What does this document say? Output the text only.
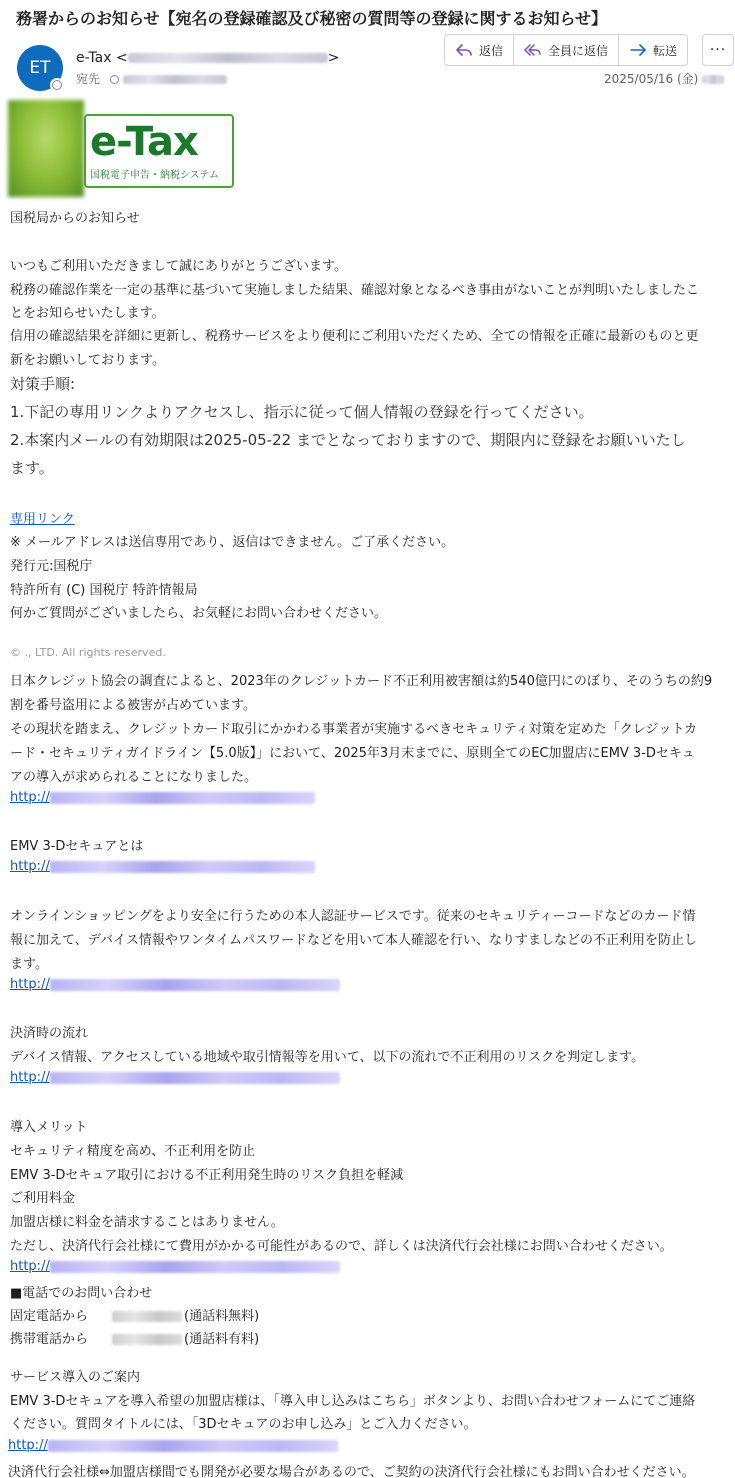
務署からのお知らせ【宛名の登録確認及び秘密の質問等の登録に関するお知らせ】
ET e-Tax <	>
宛先
返信	全員に返信	転送	···
2025/05/16 (金)
e-Tax
国税電子申告・納税システム
国税局からのお知らせ
いつもご利用いただきまして誠にありがとうございます。
税務の確認作業を一定の基準に基づいて実施しました結果、確認対象となるべき事由がないことが判明いたしましたこ
とをお知らせいたします。
信用の確認結果を詳細に更新し、税務サービスをより便利にご利用いただくため、全ての情報を正確に最新のものと更
新をお願いしております。
対策手順:
1.下記の専用リンクよりアクセスし、指示に従って個人情報の登録を行ってください。
2.本案内メールの有効期限は2025-05-22 までとなっておりますので、期限内に登録をお願いいたし
ます。
専用リンク
※ メールアドレスは送信専用であり、返信はできません。ご了承ください。
発行元:国税庁
特許所有 (C) 国税庁 特許情報局
何かご質問がございましたら、お気軽にお問い合わせください。
© ., LTD. All rights reserved.
日本クレジット協会の調査によると、2023年のクレジットカード不正利用被害額は約540億円にのぼり、そのうちの約9
割を番号盗用による被害が占めています。
その現状を踏まえ、クレジットカード取引にかかわる事業者が実施するべきセキュリティ対策を定めた「クレジットカ
ード・セキュリティガイドライン【5.0版】」において、2025年3月末までに、原則全てのEC加盟店にEMV 3-Dセキュ
アの導入が求められることになりました。
http://
EMV 3-Dセキュアとは
http://
オンラインショッピングをより安全に行うための本人認証サービスです。従来のセキュリティーコードなどのカード情
報に加えて、デバイス情報やワンタイムパスワードなどを用いて本人確認を行い、なりすましなどの不正利用を防止し
ます。
http://
決済時の流れ
デバイス情報、アクセスしている地域や取引情報等を用いて、以下の流れで不正利用のリスクを判定します。
http://
導入メリット
セキュリティ精度を高め、不正利用を防止
EMV 3-Dセキュア取引における不正利用発生時のリスク負担を軽減
ご利用料金
加盟店様に料金を請求することはありません。
ただし、決済代行会社様にて費用がかかる可能性があるので、詳しくは決済代行会社様にお問い合わせください。
http://
■電話でのお問い合わせ
固定電話から	(通話料無料)
携帯電話から	(通話料有料)
サービス導入のご案内
EMV 3-Dセキュアを導入希望の加盟店様は、「導入申し込みはこちら」ボタンより、お問い合わせフォームにてご連絡
ください。質問タイトルには、「3Dセキュアのお申し込み」とご入力ください。
http://
決済代行会社様⇔加盟店様間でも開発が必要な場合があるので、ご契約の決済代行会社様にもお問い合わせください。
